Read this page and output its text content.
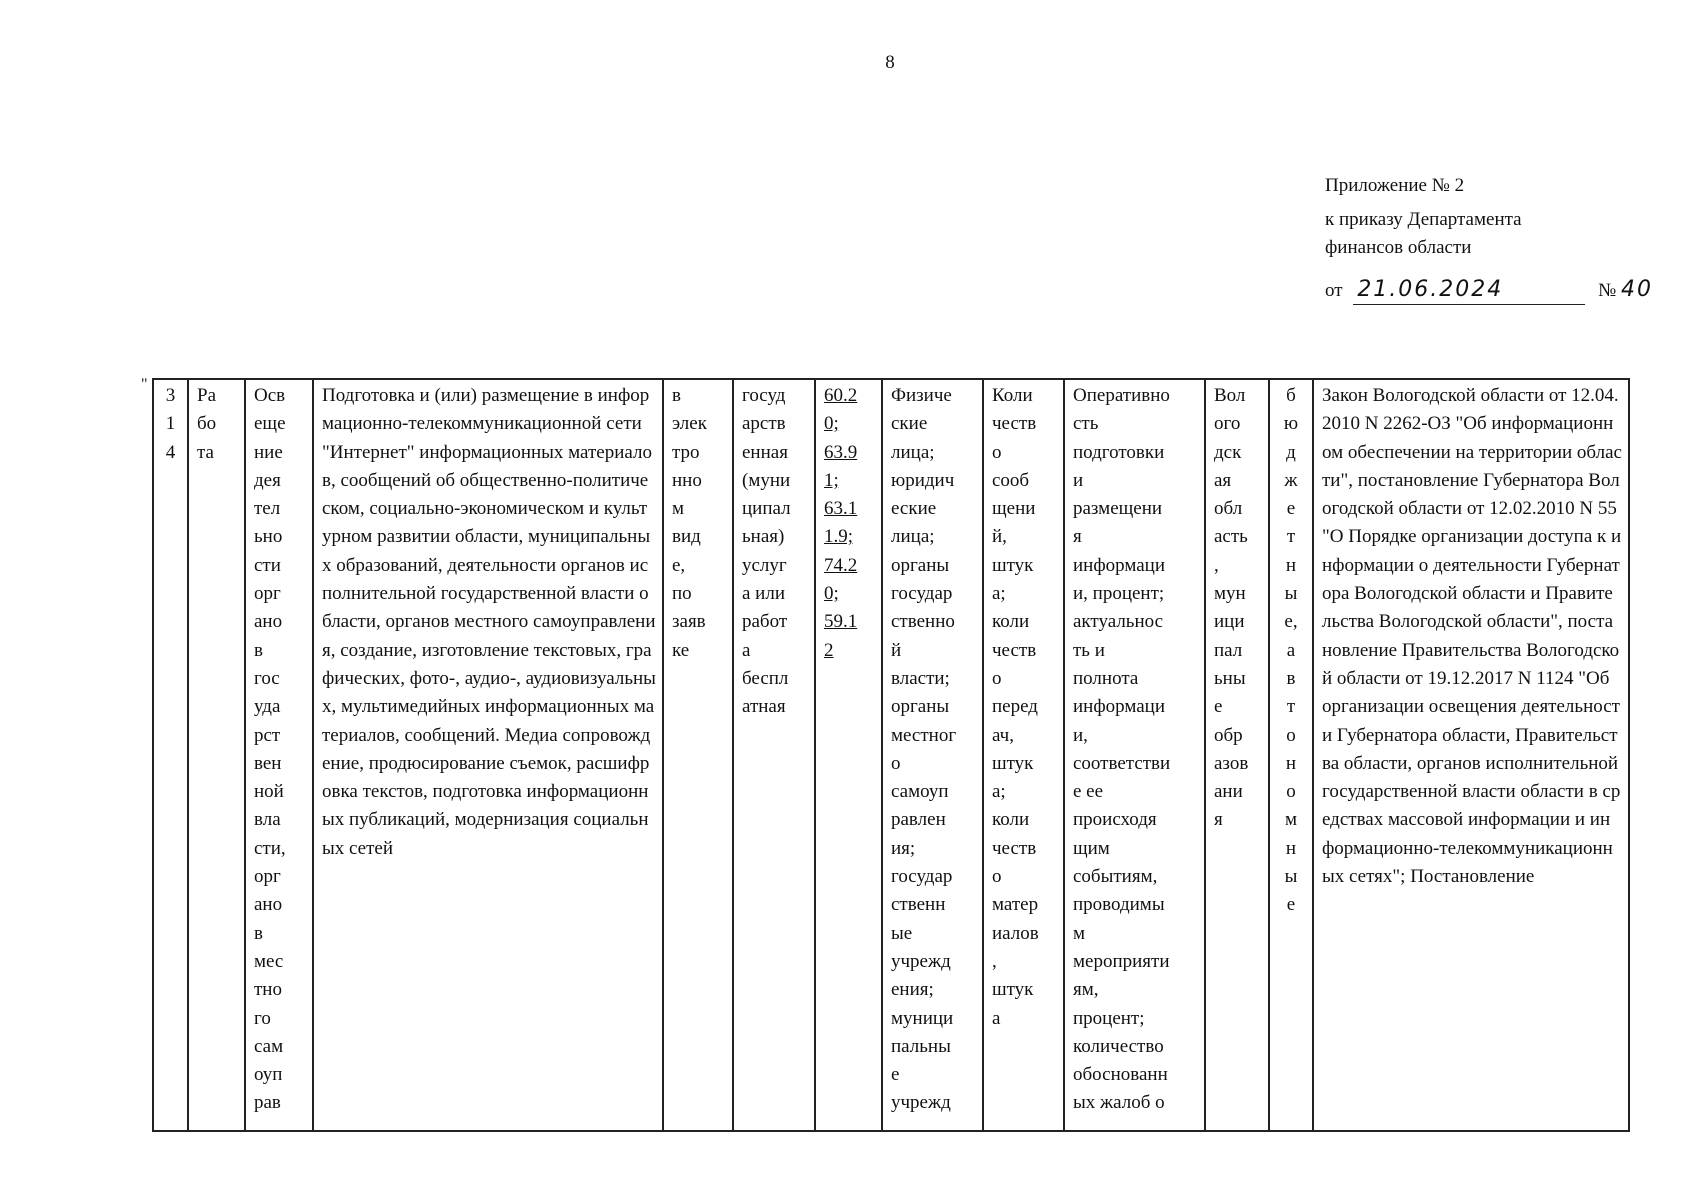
8
Приложение № 2
к приказу Департамента
финансов области
от 21.06.2024	№ 40
"
3
1
4	Ра
бо
та	Осв
еще
ние
дея
тел
ьно
сти
орг
ано
в
гос
уда
рст
вен
ной
вла
сти,
орг
ано
в
мес
тно
го
сам
оуп
рав	Подготовка и (или) размещение в информационно-телекоммуникационной сети "Интернет" информационных материалов, сообщений об общественно-политическом, социально-экономическом и культурном развитии области, муниципальных образований, деятельности органов исполнительной государственной власти области, органов местного самоуправления, создание, изготовление текстовых, графических, фото-, аудио-, аудиовизуальных, мультимедийных информационных материалов, сообщений. Медиа сопровождение, продюсирование съемок, расшифровка текстов, подготовка информационных публикаций, модернизация социальных сетей	в
элек
тро
нно
м
вид
е,
по
заяв
ке	госуд
арств
енная
(муни
ципал
ьная)
услуг
а или
работ
а
беспл
атная	60.2
0;
63.9
1;
63.1
1.9;
74.2
0;
59.1
2	Физиче
ские
лица;
юридич
еские
лица;
органы
государ
ственно
й
власти;
органы
местног
о
самоуп
равлен
ия;
государ
ственн
ые
учрежд
ения;
муници
пальны
е
учрежд	Коли
честв
о
сооб
щени
й,
штук
а;
коли
честв
о
перед
ач,
штук
а;
коли
честв
о
матер
иалов
,
штук
а	Оперативно
сть
подготовки
и
размещени
я
информаци
и, процент;
актуальнос
ть и
полнота
информаци
и,
соответстви
е ее
происходя
щим
событиям,
проводимы
м
мероприяти
ям,
процент;
количество
обоснованн
ых жалоб о	Вол
ого
дск
ая
обл
асть
,
мун
ици
пал
ьны
е
обр
азов
ани
я	б
ю
д
ж
е
т
н
ы
е,
а
в
т
о
н
о
м
н
ы
е	Закон Вологодской области от 12.04.2010 N 2262-ОЗ "Об информационном обеспечении на территории области", постановление Губернатора Вологодской области от 12.02.2010 N 55 "О Порядке организации доступа к информации о деятельности Губернатора Вологодской области и Правительства Вологодской области", постановление Правительства Вологодской области от 19.12.2017 N 1124 "Об организации освещения деятельности Губернатора области, Правительства области, органов исполнительной государственной власти области в средствах массовой информации и информационно-телекоммуникационных сетях"; Постановление
